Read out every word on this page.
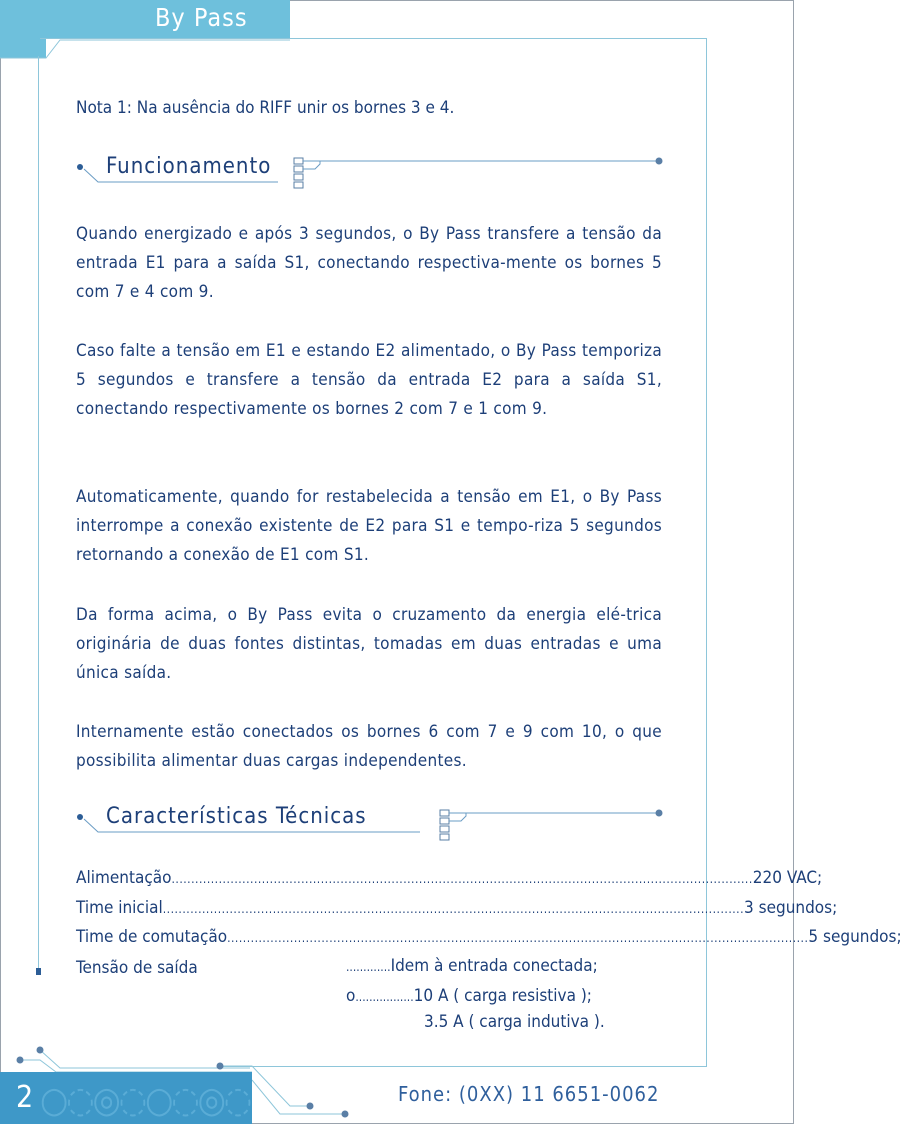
By Pass
Nota 1: Na ausência do RIFF unir os bornes 3 e 4.
Funcionamento
Quando energizado e após 3 segundos, o By Pass transfere a tensão da entrada E1 para a saída S1, conectando respectiva-mente os bornes 5 com 7 e 4 com 9.
Caso falte a tensão em E1 e estando E2 alimentado, o By Pass temporiza 5 segundos e transfere a tensão da entrada E2 para a saída S1, conectando respectivamente os bornes 2 com 7 e 1 com 9.
Automaticamente, quando for restabelecida a tensão em E1, o By Pass interrompe a conexão existente de E2 para S1 e tempo-riza 5 segundos retornando a conexão de E1 com S1.
Da forma acima, o By Pass evita o cruzamento da energia elé-trica originária de duas fontes distintas, tomadas em duas entradas e uma única saída.
Internamente estão conectados os bornes 6 com 7 e 9 com 10, o que possibilita alimentar duas cargas independentes.
Características Técnicas
Alimentação .................................................................................................................................................... 220 VAC;
Time inicial .................................................................................................................................................... 3 segundos;
Time de comutação .................................................................................................................................................... 5 segundos;
Tensão de saída	.............Idem à entrada conectada;
o.................10 A ( carga resistiva );
3.5 A ( carga indutiva ).
○◌◎◌○◌◎◌
2	Fone: (0XX) 11 6651-0062
